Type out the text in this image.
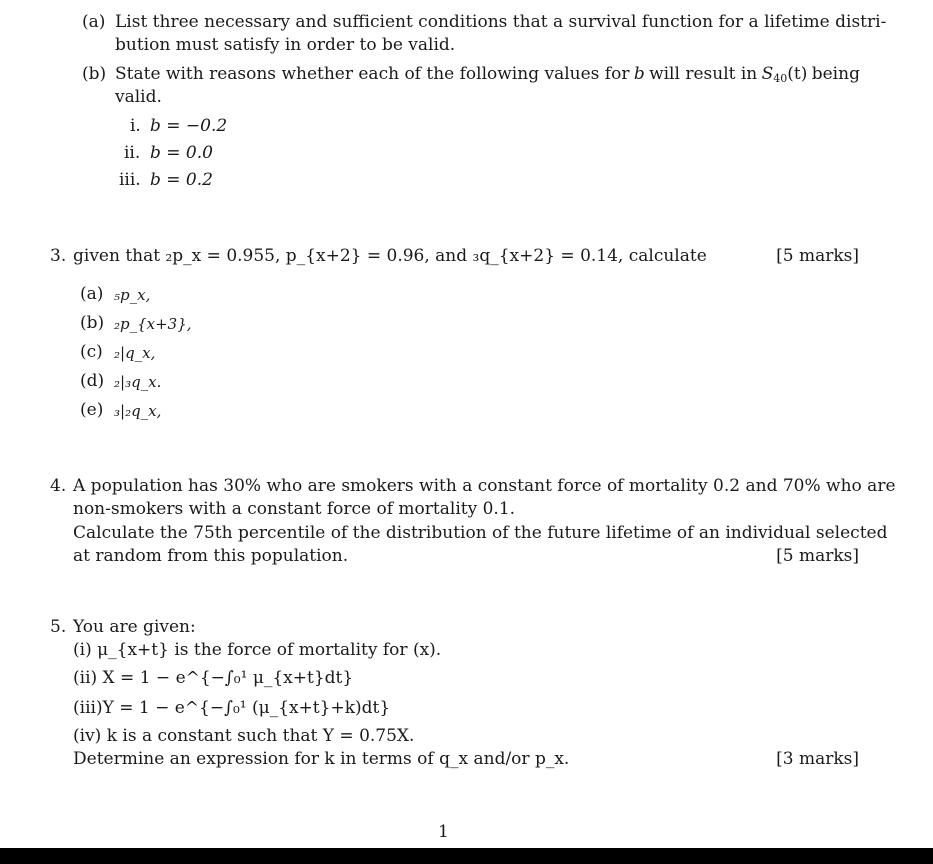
(a) List three necessary and sufficient conditions that a survival function for a lifetime distri-
bution must satisfy in order to be valid.
(b) State with reasons whether each of the following values for b will result in $S_{40}(t)$ being
valid.
i. b = −0.2
ii. b = 0.0
iii. b = 0.2
3. given that ₂p_x = 0.955, p_{x+2} = 0.96, and ₃q_{x+2} = 0.14, calculate	[5 marks]
(a) ₅p_x,
(b) ₂p_{x+3},
(c) ₂|q_x,
(d) ₂|₃q_x.
(e) ₃|₂q_x,
4. A population has 30% who are smokers with a constant force of mortality 0.2 and 70% who are
non-smokers with a constant force of mortality 0.1.
Calculate the 75th percentile of the distribution of the future lifetime of an individual selected
at random from this population.	[5 marks]
5. You are given:
(i) μ_{x+t} is the force of mortality for (x).
(ii) X = 1 − e^{−∫₀¹ μ_{x+t}dt}
(iii)Y = 1 − e^{−∫₀¹ (μ_{x+t}+k)dt}
(iv) k is a constant such that Y = 0.75X.
Determine an expression for k in terms of q_x and/or p_x.	[3 marks]
1
